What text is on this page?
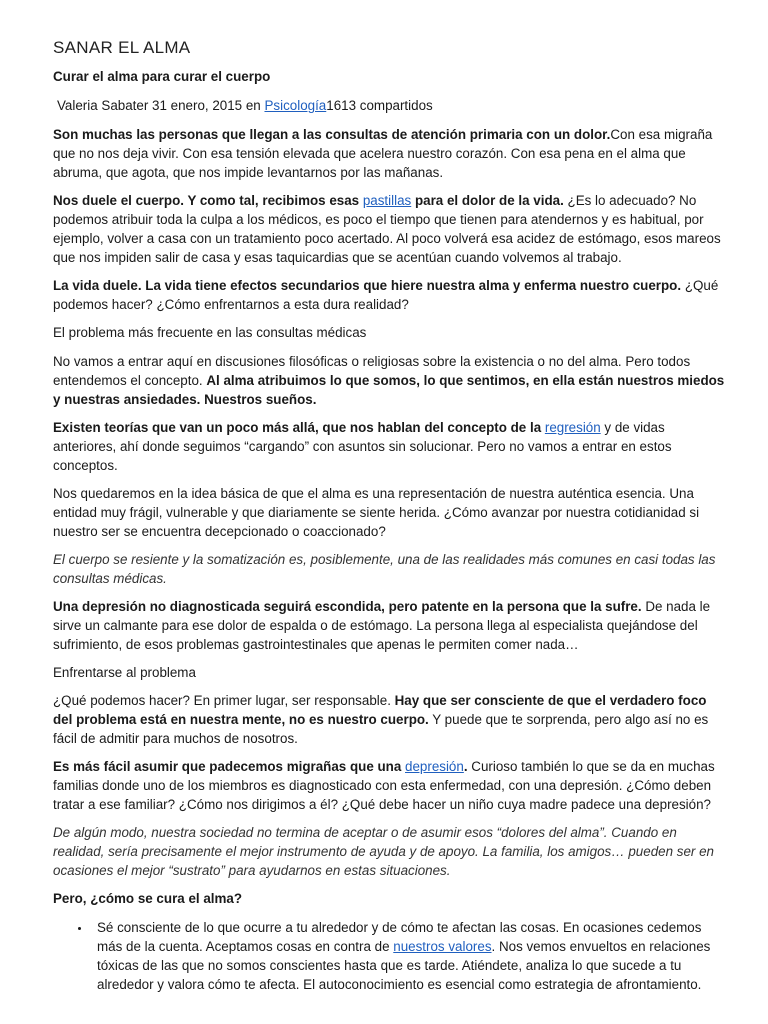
SANAR EL ALMA

Curar el alma para curar el cuerpo

Valeria Sabater 31 enero, 2015 en Psicología1613 compartidos

Son muchas las personas que llegan a las consultas de atención primaria con un dolor.Con esa migraña que no nos deja vivir. Con esa tensión elevada que acelera nuestro corazón. Con esa pena en el alma que abruma, que agota, que nos impide levantarnos por las mañanas.

Nos duele el cuerpo. Y como tal, recibimos esas pastillas para el dolor de la vida. ¿Es lo adecuado? No podemos atribuir toda la culpa a los médicos, es poco el tiempo que tienen para atendernos y es habitual, por ejemplo, volver a casa con un tratamiento poco acertado. Al poco volverá esa acidez de estómago, esos mareos que nos impiden salir de casa y esas taquicardias que se acentúan cuando volvemos al trabajo.

La vida duele. La vida tiene efectos secundarios que hiere nuestra alma y enferma nuestro cuerpo. ¿Qué podemos hacer? ¿Cómo enfrentarnos a esta dura realidad?

El problema más frecuente en las consultas médicas

No vamos a entrar aquí en discusiones filosóficas o religiosas sobre la existencia o no del alma. Pero todos entendemos el concepto. Al alma atribuimos lo que somos, lo que sentimos, en ella están nuestros miedos y nuestras ansiedades. Nuestros sueños.

Existen teorías que van un poco más allá, que nos hablan del concepto de la regresión y de vidas anteriores, ahí donde seguimos “cargando” con asuntos sin solucionar. Pero no vamos a entrar en estos conceptos.

Nos quedaremos en la idea básica de que el alma es una representación de nuestra auténtica esencia. Una entidad muy frágil, vulnerable y que diariamente se siente herida. ¿Cómo avanzar por nuestra cotidianidad si nuestro ser se encuentra decepcionado o coaccionado?

El cuerpo se resiente y la somatización es, posiblemente, una de las realidades más comunes en casi todas las consultas médicas.

Una depresión no diagnosticada seguirá escondida, pero patente en la persona que la sufre. De nada le sirve un calmante para ese dolor de espalda o de estómago. La persona llega al especialista quejándose del sufrimiento, de esos problemas gastrointestinales que apenas le permiten comer nada…

Enfrentarse al problema

¿Qué podemos hacer? En primer lugar, ser responsable. Hay que ser consciente de que el verdadero foco del problema está en nuestra mente, no es nuestro cuerpo. Y puede que te sorprenda, pero algo así no es fácil de admitir para muchos de nosotros.

Es más fácil asumir que padecemos migrañas que una depresión. Curioso también lo que se da en muchas familias donde uno de los miembros es diagnosticado con esta enfermedad, con una depresión. ¿Cómo deben tratar a ese familiar? ¿Cómo nos dirigimos a él? ¿Qué debe hacer un niño cuya madre padece una depresión?

De algún modo, nuestra sociedad no termina de aceptar o de asumir esos “dolores del alma”. Cuando en realidad, sería precisamente el mejor instrumento de ayuda y de apoyo. La familia, los amigos… pueden ser en ocasiones el mejor “sustrato” para ayudarnos en estas situaciones.

Pero, ¿cómo se cura el alma?

• Sé consciente de lo que ocurre a tu alrededor y de cómo te afectan las cosas. En ocasiones cedemos más de la cuenta. Aceptamos cosas en contra de nuestros valores. Nos vemos envueltos en relaciones tóxicas de las que no somos conscientes hasta que es tarde. Atiéndete, analiza lo que sucede a tu alrededor y valora cómo te afecta. El autoconocimiento es esencial como estrategia de afrontamiento.
